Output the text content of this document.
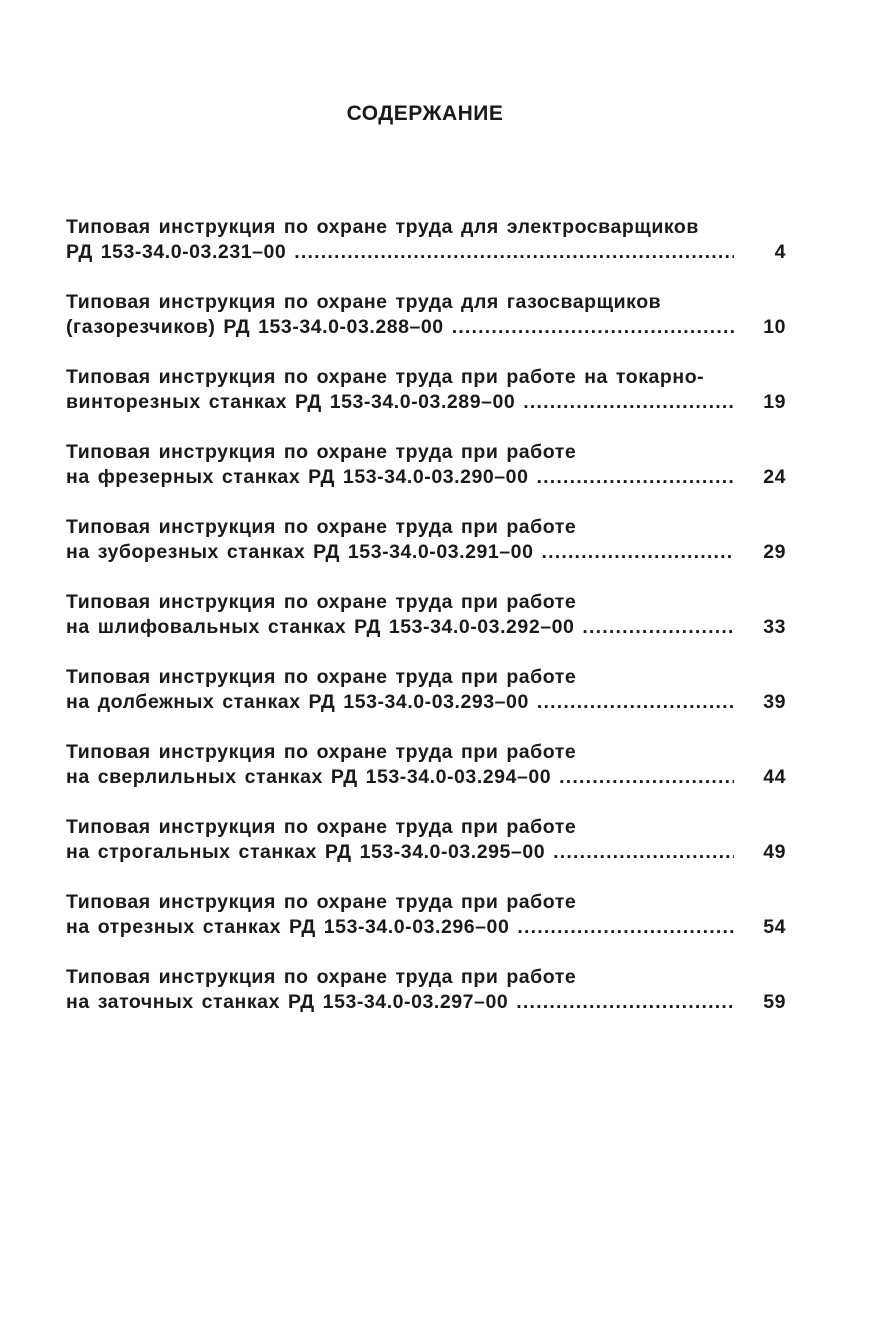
СОДЕРЖАНИЕ
Типовая инструкция по охране труда для электросварщиков
РД 153-34.0-03.231–00 .....	4
Типовая инструкция по охране труда для газосварщиков
(газорезчиков) РД 153-34.0-03.288–00 .....	10
Типовая инструкция по охране труда при работе на токарно-
винторезных станках РД 153-34.0-03.289–00 .....	19
Типовая инструкция по охране труда при работе
на фрезерных станках РД 153-34.0-03.290–00 .....	24
Типовая инструкция по охране труда при работе
на зуборезных станках РД 153-34.0-03.291–00 .....	29
Типовая инструкция по охране труда при работе
на шлифовальных станках РД 153-34.0-03.292–00 .....	33
Типовая инструкция по охране труда при работе
на долбежных станках РД 153-34.0-03.293–00 .....	39
Типовая инструкция по охране труда при работе
на сверлильных станках РД 153-34.0-03.294–00 .....	44
Типовая инструкция по охране труда при работе
на строгальных станках РД 153-34.0-03.295–00 .....	49
Типовая инструкция по охране труда при работе
на отрезных станках РД 153-34.0-03.296–00 .....	54
Типовая инструкция по охране труда при работе
на заточных станках РД 153-34.0-03.297–00 .....	59
